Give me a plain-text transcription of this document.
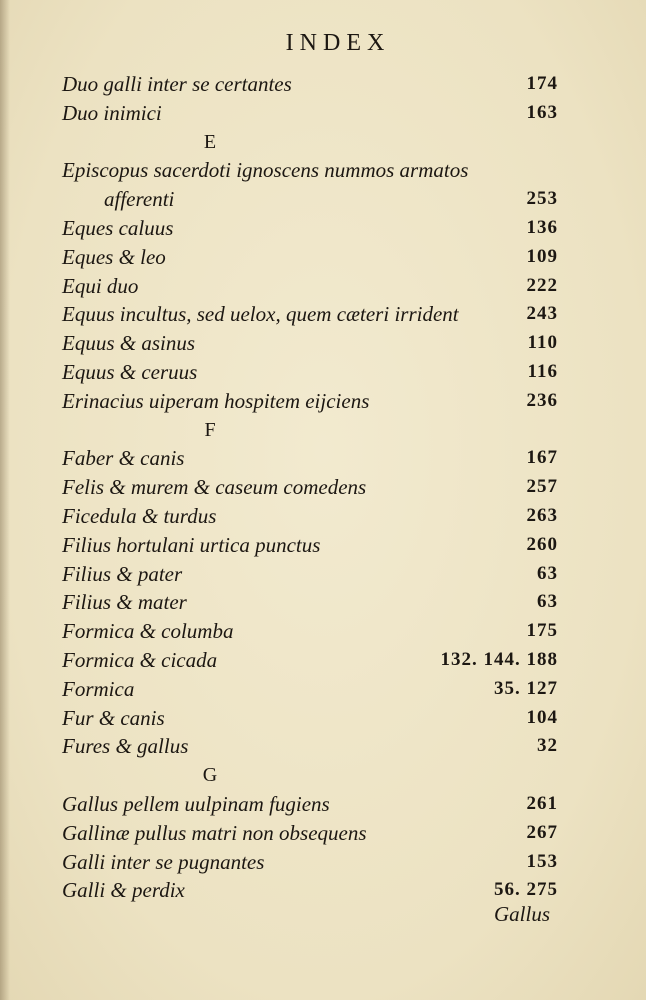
INDEX
Duo galli inter se certantes	174
Duo inimici	163
E
Episcopus sacerdoti ignoscens nummos armatos
afferenti	253
Eques caluus	136
Eques & leo	109
Equi duo	222
Equus incultus, sed uelox, quem cæteri irrident	243
Equus & asinus	110
Equus & ceruus	116
Erinacius uiperam hospitem eijciens	236
F
Faber & canis	167
Felis & murem & caseum comedens	257
Ficedula & turdus	263
Filius hortulani urtica punctus	260
Filius & pater	63
Filius & mater	63
Formica & columba	175
Formica & cicada	132. 144. 188
Formica	35. 127
Fur & canis	104
Fures & gallus	32
G
Gallus pellem uulpinam fugiens	261
Gallinæ pullus matri non obsequens	267
Galli inter se pugnantes	153
Galli & perdix	56. 275
Gallus
